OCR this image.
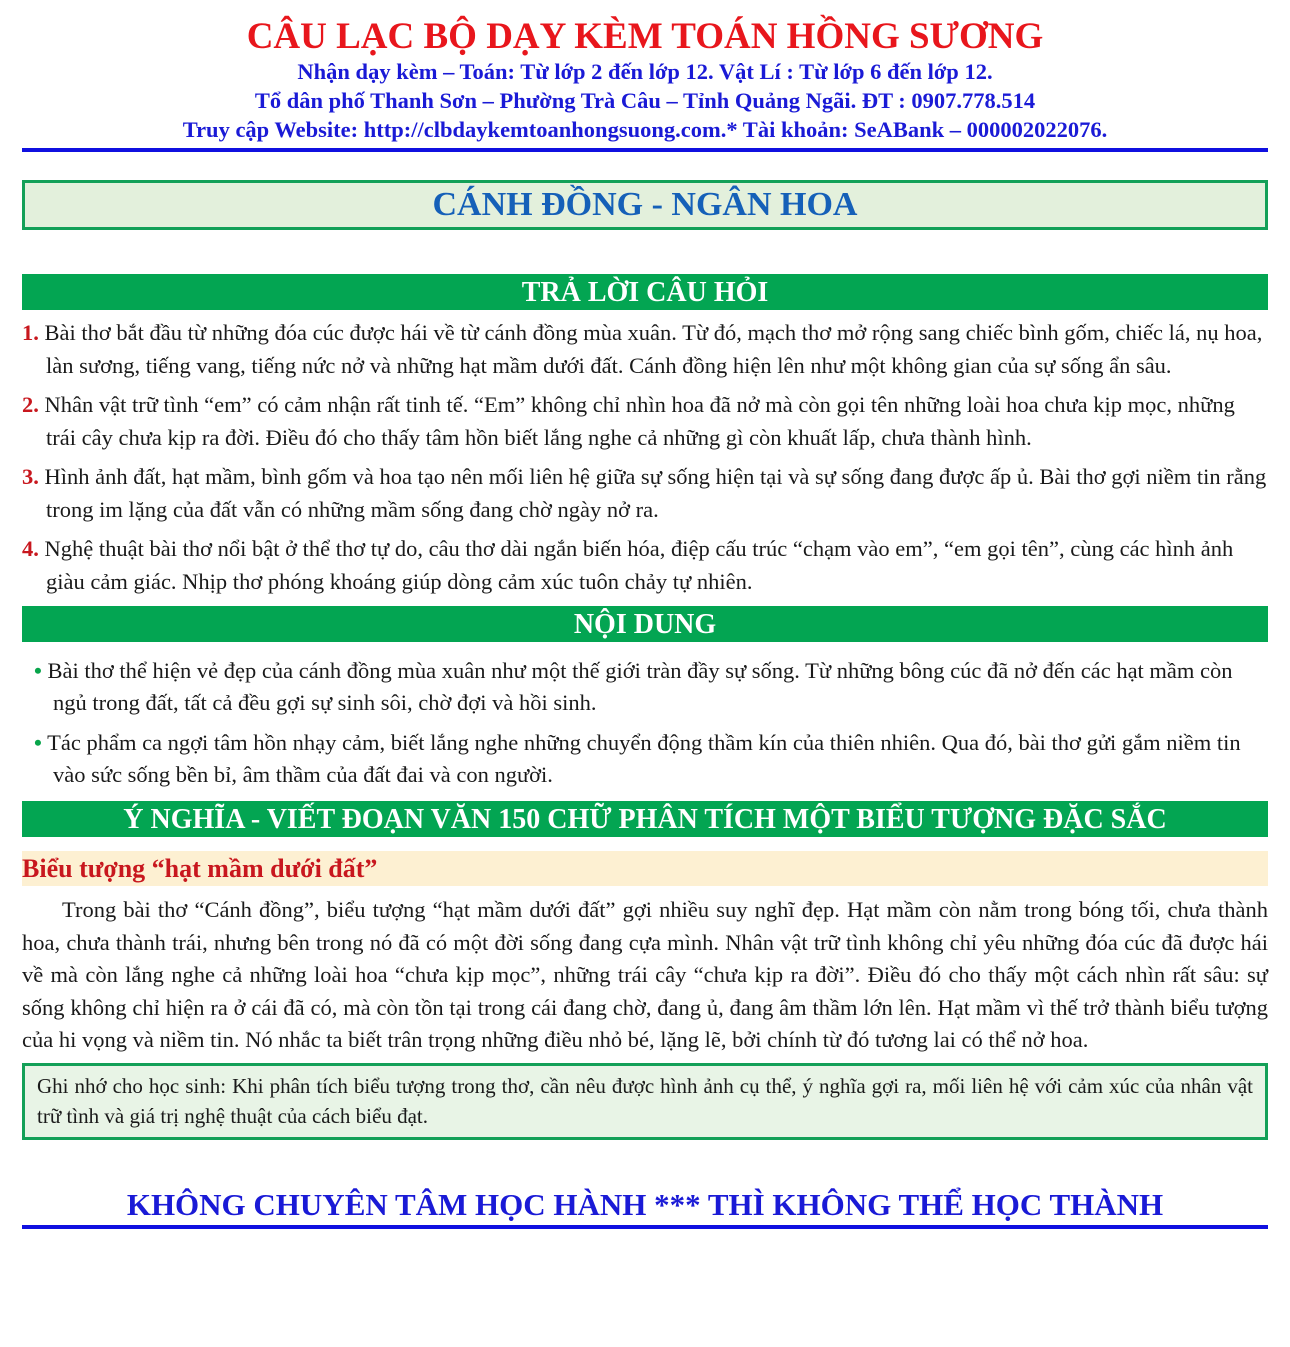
CÂU LẠC BỘ DẠY KÈM TOÁN HỒNG SƯƠNG
Nhận dạy kèm – Toán: Từ lớp 2 đến lớp 12. Vật Lí : Từ lớp 6 đến lớp 12.
Tổ dân phố Thanh Sơn – Phường Trà Câu – Tỉnh Quảng Ngãi. ĐT : 0907.778.514
Truy cập Website: http://clbdaykemtoanhongsuong.com.* Tài khoản: SeABank – 000002022076.
CÁNH ĐỒNG - NGÂN HOA
TRẢ LỜI CÂU HỎI
1. Bài thơ bắt đầu từ những đóa cúc được hái về từ cánh đồng mùa xuân. Từ đó, mạch thơ mở rộng sang chiếc bình gốm, chiếc lá, nụ hoa, làn sương, tiếng vang, tiếng nức nở và những hạt mầm dưới đất. Cánh đồng hiện lên như một không gian của sự sống ẩn sâu.
2. Nhân vật trữ tình “em” có cảm nhận rất tinh tế. “Em” không chỉ nhìn hoa đã nở mà còn gọi tên những loài hoa chưa kịp mọc, những trái cây chưa kịp ra đời. Điều đó cho thấy tâm hồn biết lắng nghe cả những gì còn khuất lấp, chưa thành hình.
3. Hình ảnh đất, hạt mầm, bình gốm và hoa tạo nên mối liên hệ giữa sự sống hiện tại và sự sống đang được ấp ủ. Bài thơ gợi niềm tin rằng trong im lặng của đất vẫn có những mầm sống đang chờ ngày nở ra.
4. Nghệ thuật bài thơ nổi bật ở thể thơ tự do, câu thơ dài ngắn biến hóa, điệp cấu trúc “chạm vào em”, “em gọi tên”, cùng các hình ảnh giàu cảm giác. Nhịp thơ phóng khoáng giúp dòng cảm xúc tuôn chảy tự nhiên.
NỘI DUNG
• Bài thơ thể hiện vẻ đẹp của cánh đồng mùa xuân như một thế giới tràn đầy sự sống. Từ những bông cúc đã nở đến các hạt mầm còn ngủ trong đất, tất cả đều gợi sự sinh sôi, chờ đợi và hồi sinh.
• Tác phẩm ca ngợi tâm hồn nhạy cảm, biết lắng nghe những chuyển động thầm kín của thiên nhiên. Qua đó, bài thơ gửi gắm niềm tin vào sức sống bền bỉ, âm thầm của đất đai và con người.
Ý NGHĨA - VIẾT ĐOẠN VĂN 150 CHỮ PHÂN TÍCH MỘT BIỂU TƯỢNG ĐẶC SẮC
Biểu tượng “hạt mầm dưới đất”
Trong bài thơ “Cánh đồng”, biểu tượng “hạt mầm dưới đất” gợi nhiều suy nghĩ đẹp. Hạt mầm còn nằm trong bóng tối, chưa thành hoa, chưa thành trái, nhưng bên trong nó đã có một đời sống đang cựa mình. Nhân vật trữ tình không chỉ yêu những đóa cúc đã được hái về mà còn lắng nghe cả những loài hoa “chưa kịp mọc”, những trái cây “chưa kịp ra đời”. Điều đó cho thấy một cách nhìn rất sâu: sự sống không chỉ hiện ra ở cái đã có, mà còn tồn tại trong cái đang chờ, đang ủ, đang âm thầm lớn lên. Hạt mầm vì thế trở thành biểu tượng của hi vọng và niềm tin. Nó nhắc ta biết trân trọng những điều nhỏ bé, lặng lẽ, bởi chính từ đó tương lai có thể nở hoa.
Ghi nhớ cho học sinh: Khi phân tích biểu tượng trong thơ, cần nêu được hình ảnh cụ thể, ý nghĩa gợi ra, mối liên hệ với cảm xúc của nhân vật trữ tình và giá trị nghệ thuật của cách biểu đạt.
KHÔNG CHUYÊN TÂM HỌC HÀNH *** THÌ KHÔNG THỂ HỌC THÀNH
